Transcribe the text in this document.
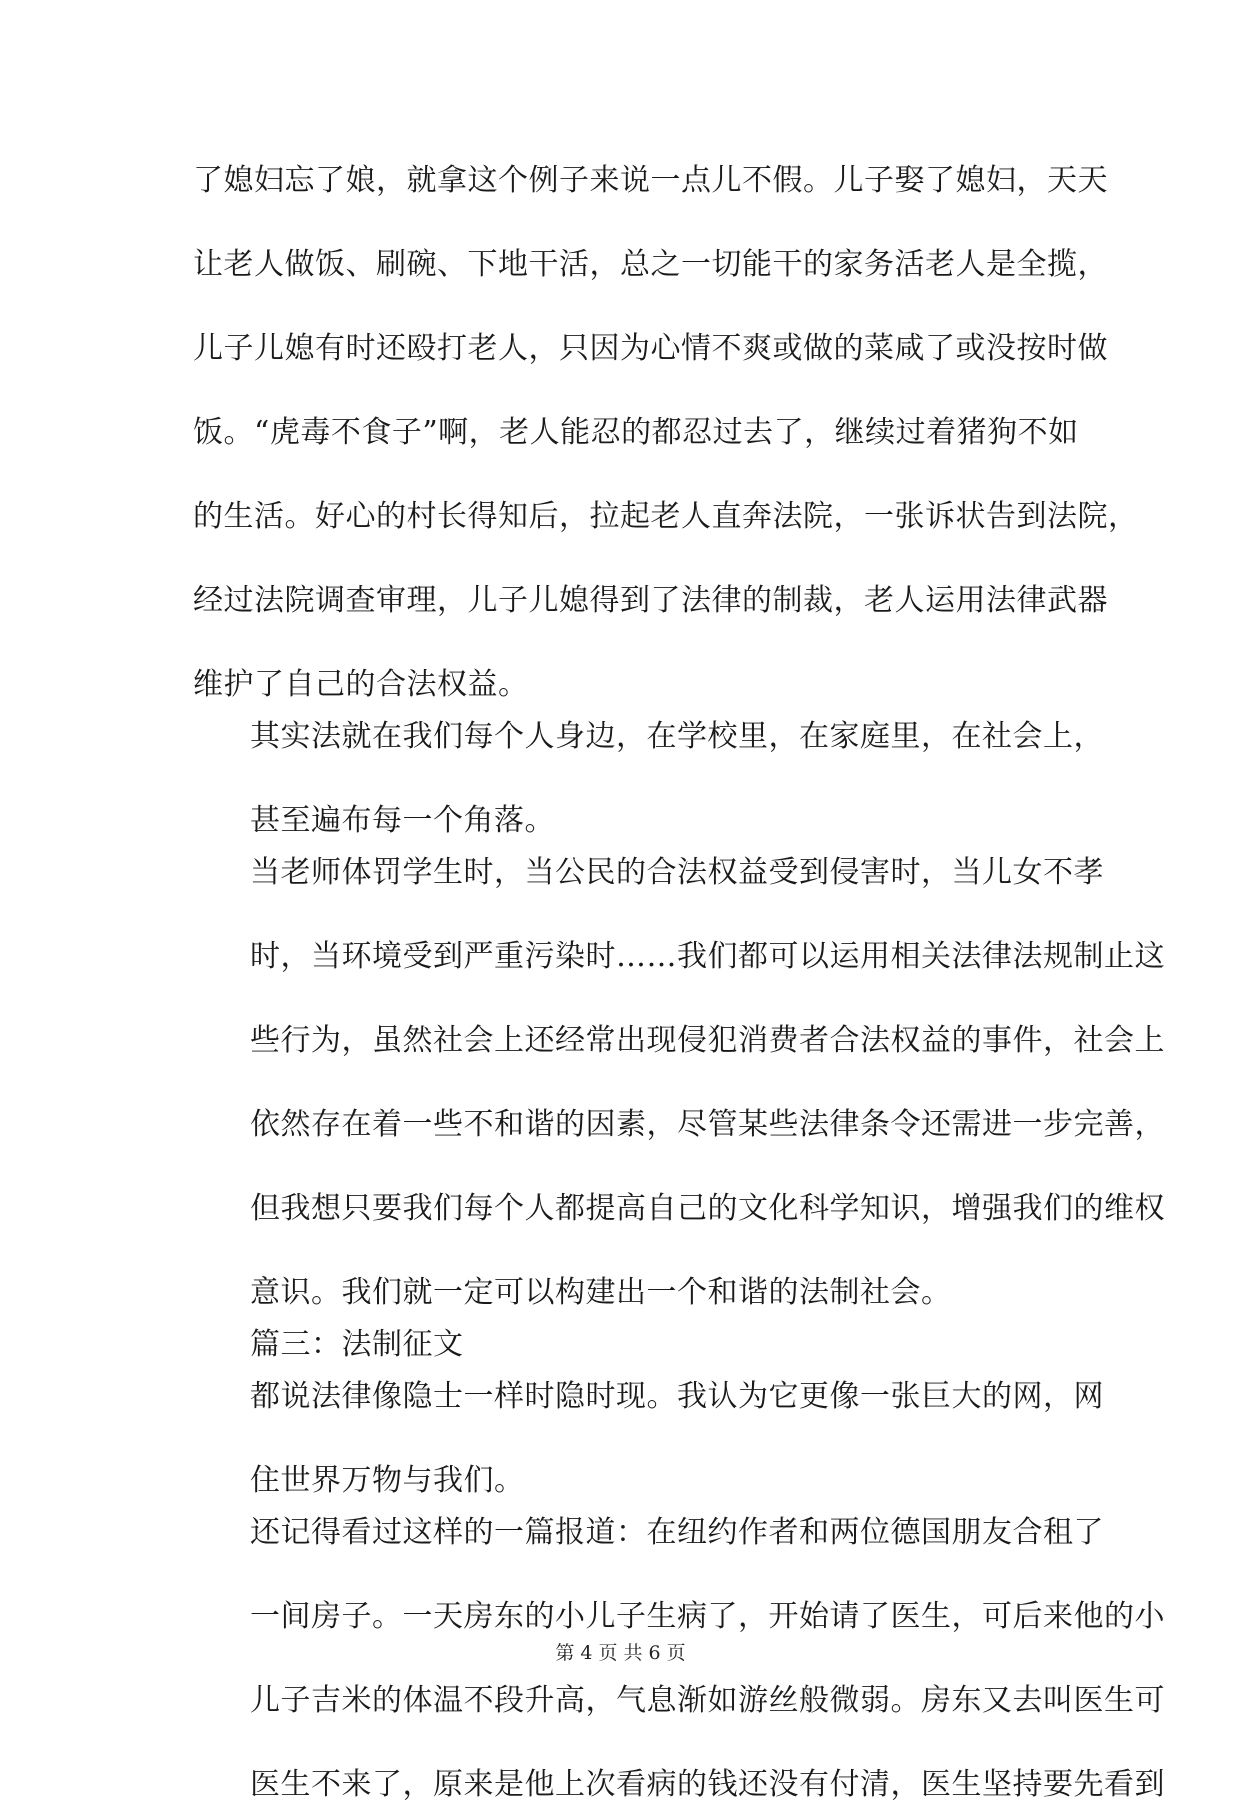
了媳妇忘了娘，就拿这个例子来说一点儿不假。儿子娶了媳妇，天天
让老人做饭、刷碗、下地干活，总之一切能干的家务活老人是全揽，
儿子儿媳有时还殴打老人，只因为心情不爽或做的菜咸了或没按时做
饭。“虎毒不食子”啊，老人能忍的都忍过去了，继续过着猪狗不如
的生活。好心的村长得知后，拉起老人直奔法院，一张诉状告到法院，
经过法院调查审理，儿子儿媳得到了法律的制裁，老人运用法律武器
维护了自己的合法权益。
其实法就在我们每个人身边，在学校里，在家庭里，在社会上，
甚至遍布每一个角落。
当老师体罚学生时，当公民的合法权益受到侵害时，当儿女不孝
时，当环境受到严重污染时……我们都可以运用相关法律法规制止这
些行为，虽然社会上还经常出现侵犯消费者合法权益的事件，社会上
依然存在着一些不和谐的因素，尽管某些法律条令还需进一步完善，
但我想只要我们每个人都提高自己的文化科学知识，增强我们的维权
意识。我们就一定可以构建出一个和谐的法制社会。
篇三：法制征文
都说法律像隐士一样时隐时现。我认为它更像一张巨大的网，网
住世界万物与我们。
还记得看过这样的一篇报道：在纽约作者和两位德国朋友合租了
一间房子。一天房东的小儿子生病了，开始请了医生，可后来他的小
儿子吉米的体温不段升高，气息渐如游丝般微弱。房东又去叫医生可
医生不来了，原来是他上次看病的钱还没有付清，医生坚持要先看到
第 4 页 共 6 页
